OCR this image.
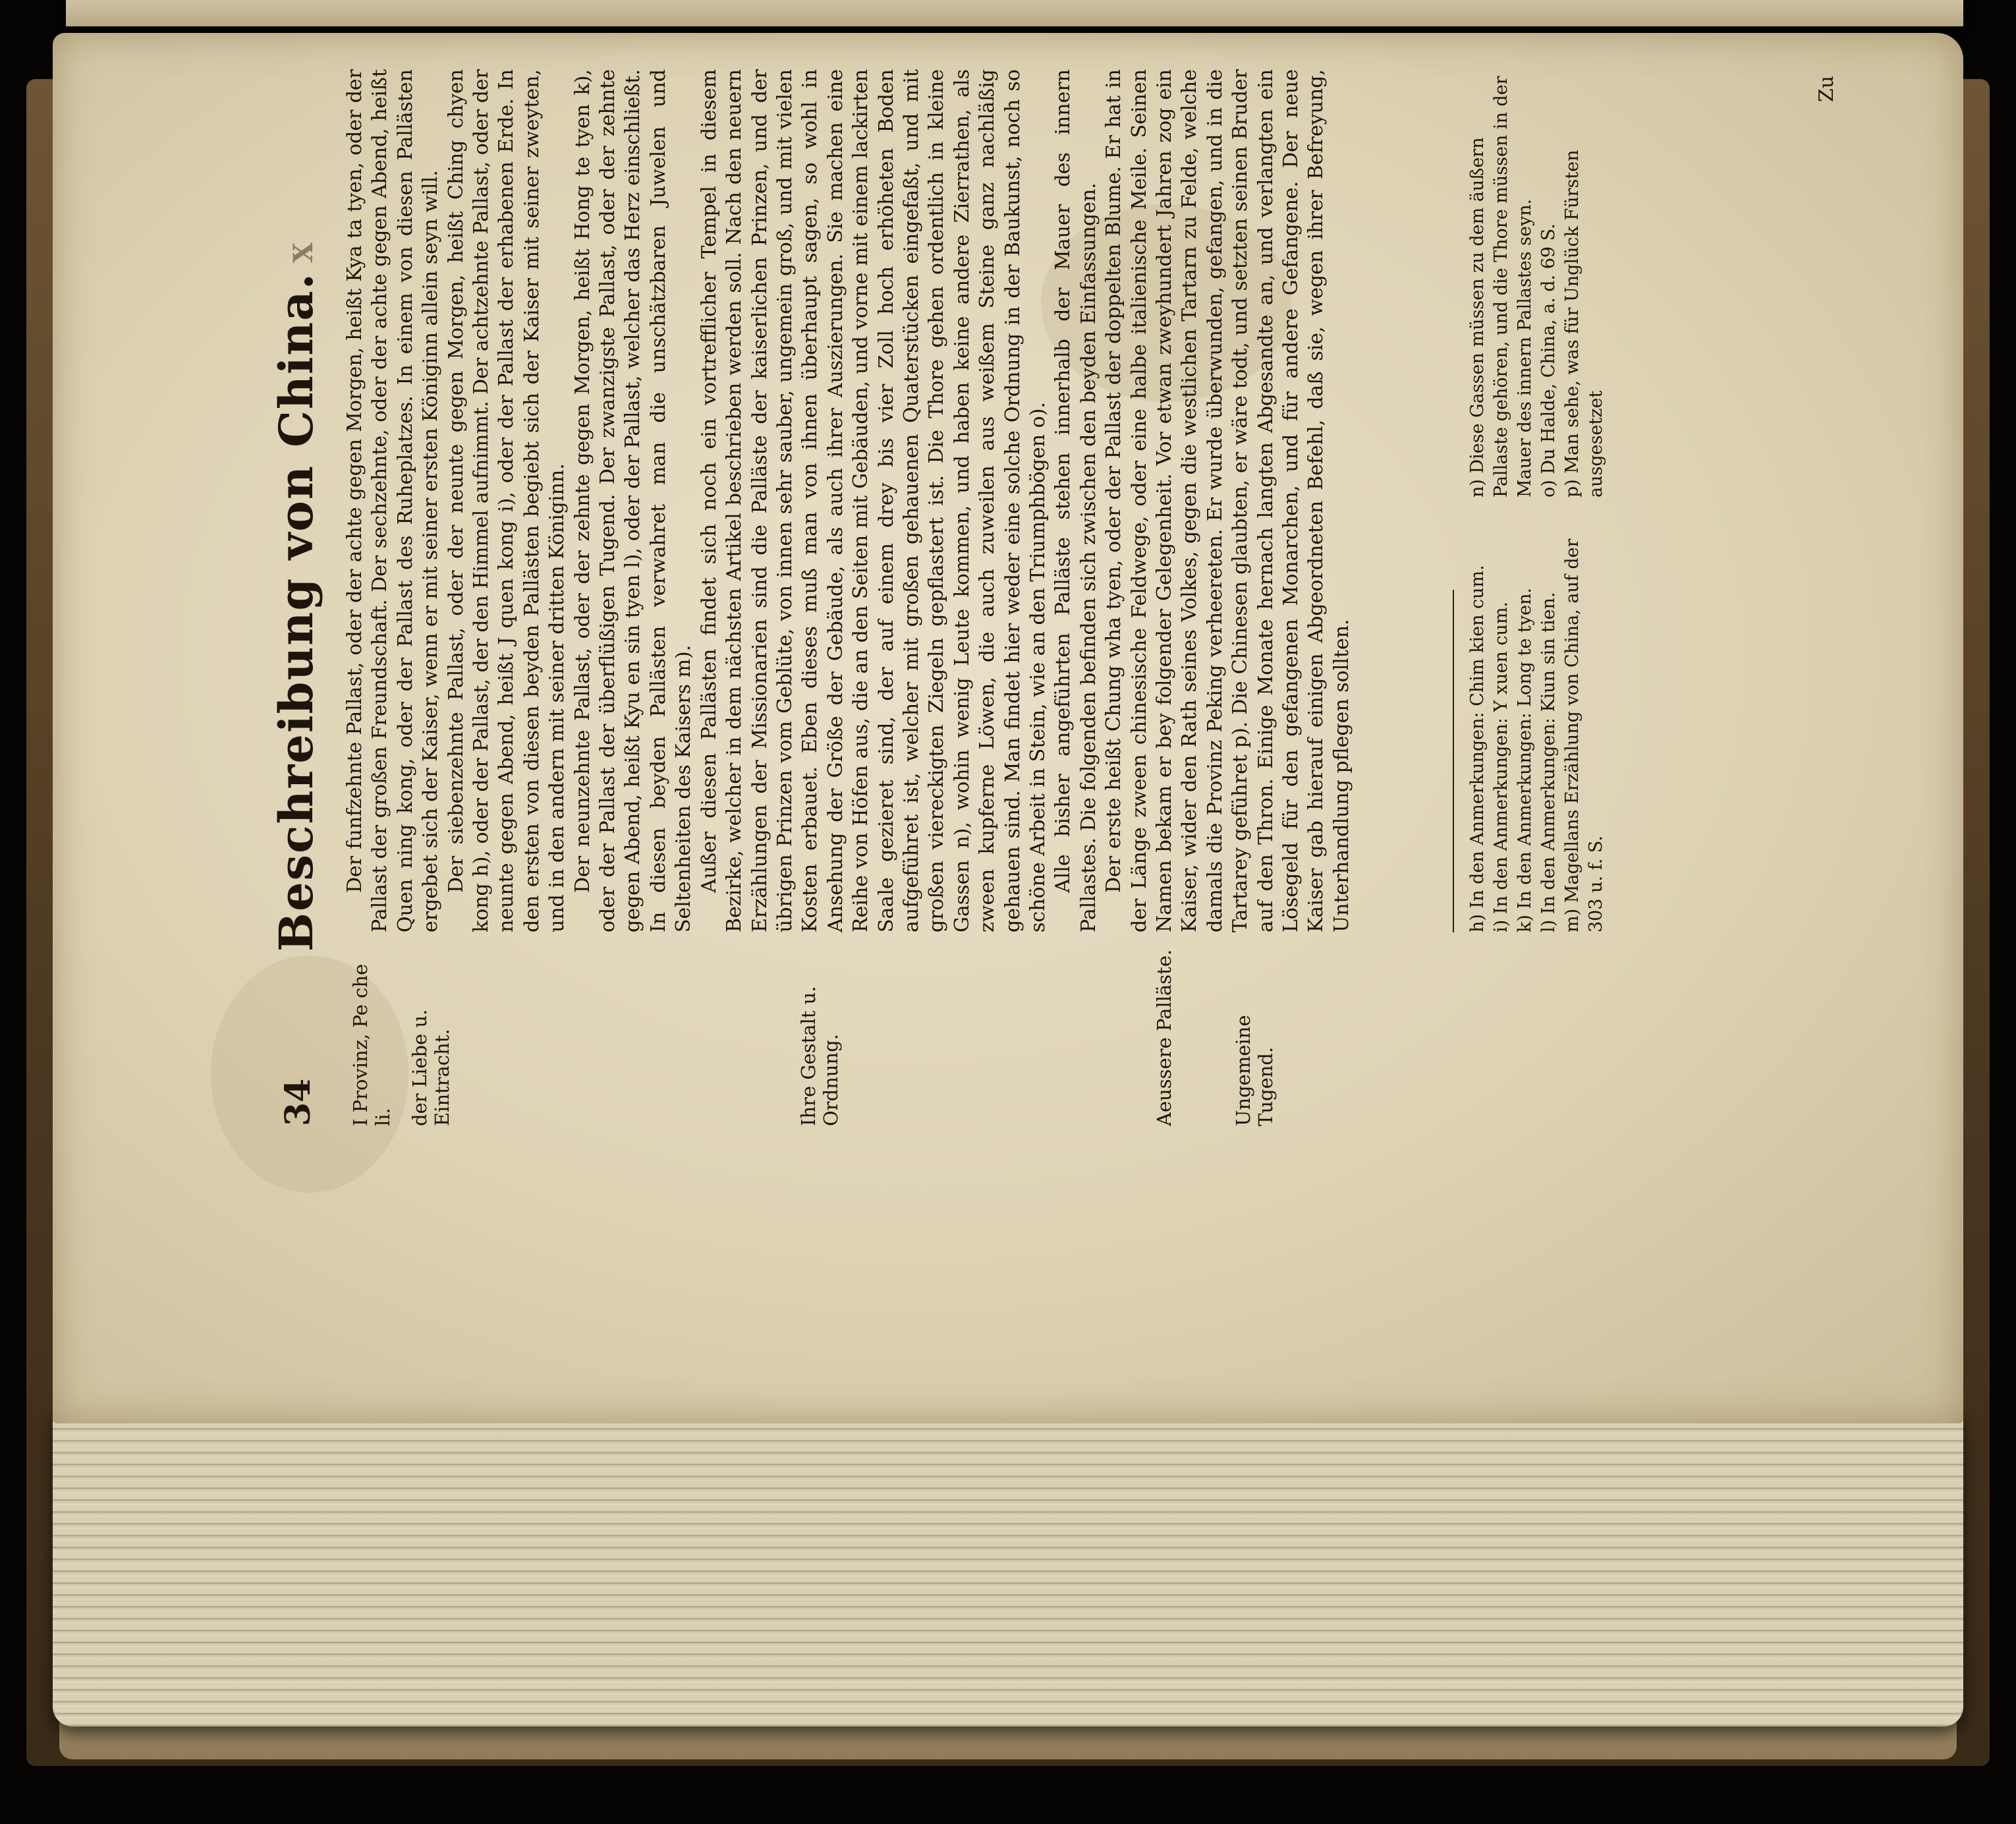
34
Beschreibung von China.X
I Provinz, Pe che li. der Liebe u. Eintracht.	Ihre Gestalt u. Ordnung.	Aeussere Palläste.	Ungemeine Tugend.

Der funfzehnte Pallast, oder der achte gegen Morgen, heißt Kya ta tyen, oder der Pallast der großen Freundschaft. Der sechzehnte, oder der achte gegen Abend, heißt Quen ning kong, oder der Pallast des Ruheplatzes. In einem von diesen Pallästen ergebet sich der Kaiser, wenn er mit seiner ersten Königinn allein seyn will. Der siebenzehnte Pallast, oder der neunte gegen Morgen, heißt Ching chyen kong h), oder der Pallast, der den Himmel aufnimmt. Der achtzehnte Pallast, oder der neunte gegen Abend, heißt J quen kong i), oder der Pallast der erhabenen Erde. In den ersten von diesen beyden Pallästen begiebt sich der Kaiser mit seiner zweyten, und in den andern mit seiner dritten Königinn. Der neunzehnte Pallast, oder der zehnte gegen Morgen, heißt Hong te tyen k), oder der Pallast der überflüßigen Tugend. Der zwanzigste Pallast, oder der zehnte gegen Abend, heißt Kyu en sin tyen l), oder der Pallast, welcher das Herz einschließt. In diesen beyden Pallästen verwahret man die unschätzbaren Juwelen und Seltenheiten des Kaisers m). Außer diesen Pallästen findet sich noch ein vortrefflicher Tempel in diesem Bezirke, welcher in dem nächsten Artikel beschrieben werden soll. Nach den neuern Erzählungen der Missionarien sind die Palläste der kaiserlichen Prinzen, und der übrigen Prinzen vom Geblüte, von innen sehr sauber, ungemein groß, und mit vielen Kosten erbauet. Eben dieses muß man von ihnen überhaupt sagen, so wohl in Ansehung der Größe der Gebäude, als auch ihrer Auszierungen. Sie machen eine Reihe von Höfen aus, die an den Seiten mit Gebäuden, und vorne mit einem lackirten Saale gezieret sind, der auf einem drey bis vier Zoll hoch erhöheten Boden aufgeführet ist, welcher mit großen gehauenen Quaterstücken eingefaßt, und mit großen viereckigten Ziegeln gepflastert ist. Die Thore gehen ordentlich in kleine Gassen n), wohin wenig Leute kommen, und haben keine andere Zierrathen, als zween kupferne Löwen, die auch zuweilen aus weißem Steine ganz nachläßig gehauen sind. Man findet hier weder eine solche Ordnung in der Baukunst, noch so schöne Arbeit in Stein, wie an den Triumphbögen o). Alle bisher angeführten Palläste stehen innerhalb der Mauer des innern Pallastes. Die folgenden befinden sich zwischen den beyden Einfassungen. Der erste heißt Chung wha tyen, oder der Pallast der doppelten Blume. Er hat in der Länge zween chinesische Feldwege, oder eine halbe italienische Meile. Seinen Namen bekam er bey folgender Gelegenheit. Vor etwan zweyhundert Jahren zog ein Kaiser, wider den Rath seines Volkes, gegen die westlichen Tartarn zu Felde, welche damals die Provinz Peking verheereten. Er wurde überwunden, gefangen, und in die Tartarey geführet p). Die Chinesen glaubten, er wäre todt, und setzten seinen Bruder auf den Thron. Einige Monate hernach langten Abgesandte an, und verlangten ein Lösegeld für den gefangenen Monarchen, und für andere Gefangene. Der neue Kaiser gab hierauf einigen Abgeordneten Befehl, daß sie, wegen ihrer Befreyung, Unterhandlung pflegen sollten.	h) In den Anmerkungen: Chim kien cum. i) In den Anmerkungen: Y xuen cum. k) In den Anmerkungen: Long te tyen. l) In den Anmerkungen: Kiun sin tien. m) Magellans Erzählung von China, auf der 303 u. f. S.
n) Diese Gassen müssen zu dem äußern Pallaste gehören, und die Thore müssen in der Mauer des innern Pallastes seyn. o) Du Halde, China, a. d. 69 S. p) Man sehe, was für Unglück Fürsten ausgesetzet
Zu
